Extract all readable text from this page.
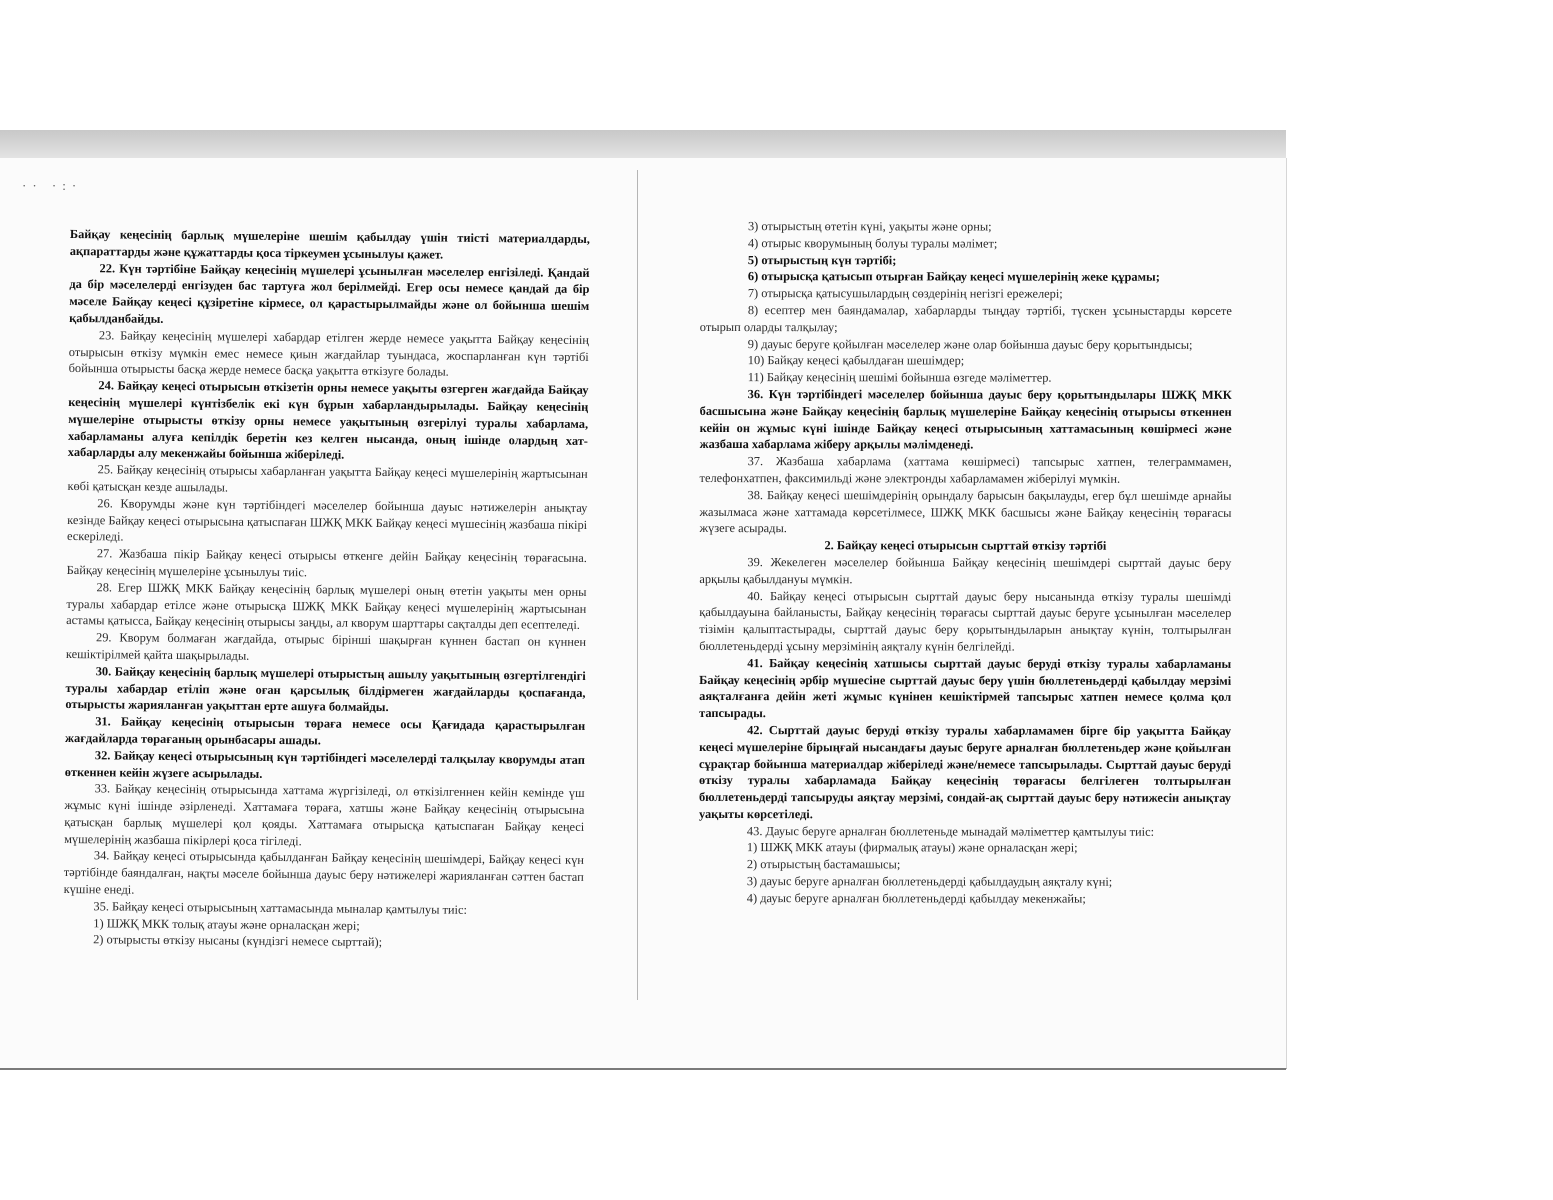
·· ·:·

Байқау кеңесінің барлық мүшелеріне шешім қабылдау үшін тиісті материалдарды, ақпараттарды және құжаттарды қоса тіркеумен ұсынылуы қажет.

22. Күн тәртібіне Байқау кеңесінің мүшелері ұсынылған мәселелер енгізіледі. Қандай да бір мәселелерді енгізуден бас тартуға жол берілмейді. Егер осы немесе қандай да бір мәселе Байқау кеңесі құзіретіне кірмесе, ол қарастырылмайды және ол бойынша шешім қабылданбайды.

23. Байқау кеңесінің мүшелері хабардар етілген жерде немесе уақытта Байқау кеңесінің отырысын өткізу мүмкін емес немесе қиын жағдайлар туындаса, жоспарланған күн тәртібі бойынша отырысты басқа жерде немесе басқа уақытта өткізуге болады.

24. Байқау кеңесі отырысын өткізетін орны немесе уақыты өзгерген жағдайда Байқау кеңесінің мүшелері күнтізбелік екі күн бұрын хабарландырылады. Байқау кеңесінің мүшелеріне отырысты өткізу орны немесе уақытының өзгерілуі туралы хабарлама, хабарламаны алуға кепілдік беретін кез келген нысанда, оның ішінде олардың хат-хабарларды алу мекенжайы бойынша жіберіледі.

25. Байқау кеңесінің отырысы хабарланған уақытта Байқау кеңесі мүшелерінің жартысынан көбі қатысқан кезде ашылады.

26. Кворумды және күн тәртібіндегі мәселелер бойынша дауыс нәтижелерін анықтау кезінде Байқау кеңесі отырысына қатыспаған ШЖҚ МКК Байқау кеңесі мүшесінің жазбаша пікірі ескеріледі.

27. Жазбаша пікір Байқау кеңесі отырысы өткенге дейін Байқау кеңесінің төрағасына. Байқау кеңесінің мүшелеріне ұсынылуы тиіс.

28. Егер ШЖҚ МКК Байқау кеңесінің барлық мүшелері оның өтетін уақыты мен орны туралы хабардар етілсе және отырысқа ШЖҚ МКК Байқау кеңесі мүшелерінің жартысынан астамы қатысса, Байқау кеңесінің отырысы заңды, ал кворум шарттары сақталды деп есептеледі.

29. Кворум болмаған жағдайда, отырыс бірінші шақырған күннен бастап он күннен кешіктірілмей қайта шақырылады.

30. Байқау кеңесінің барлық мүшелері отырыстың ашылу уақытының өзгертілгендігі туралы хабардар етіліп және оған қарсылық білдірмеген жағдайларды қоспағанда, отырысты жарияланған уақыттан ерте ашуға болмайды.

31. Байқау кеңесінің отырысын төраға немесе осы Қағидада қарастырылған жағдайларда төрағаның орынбасары ашады.

32. Байқау кеңесі отырысының күн тәртібіндегі мәселелерді талқылау кворумды атап өткеннен кейін жүзеге асырылады.

33. Байқау кеңесінің отырысында хаттама жүргізіледі, ол өткізілгеннен кейін кемінде үш жұмыс күні ішінде әзірленеді. Хаттамаға төраға, хатшы және Байқау кеңесінің отырысына қатысқан барлық мүшелері қол қояды. Хаттамаға отырысқа қатыспаған Байқау кеңесі мүшелерінің жазбаша пікірлері қоса тігіледі.

34. Байқау кеңесі отырысында қабылданған Байқау кеңесінің шешімдері, Байқау кеңесі күн тәртібінде баяндалған, нақты мәселе бойынша дауыс беру нәтижелері жарияланған сәттен бастап күшіне енеді.

35. Байқау кеңесі отырысының хаттамасында мыналар қамтылуы тиіс:

1) ШЖҚ МКК толық атауы және орналасқан жері;

2) отырысты өткізу нысаны (күндізгі немесе сырттай);

3) отырыстың өтетін күні, уақыты және орны;

4) отырыс кворумының болуы туралы мәлімет;

5) отырыстың күн тәртібі;

6) отырысқа қатысып отырған Байқау кеңесі мүшелерінің жеке құрамы;

7) отырысқа қатысушылардың сөздерінің негізгі ережелері;

8) есептер мен баяндамалар, хабарларды тыңдау тәртібі, түскен ұсыныстарды көрсете отырып оларды талқылау;

9) дауыс беруге қойылған мәселелер және олар бойынша дауыс беру қорытындысы;

10) Байқау кеңесі қабылдаған шешімдер;

11) Байқау кеңесінің шешімі бойынша өзгеде мәліметтер.

36. Күн тәртібіндегі мәселелер бойынша дауыс беру қорытындылары ШЖҚ МКК басшысына және Байқау кеңесінің барлық мүшелеріне Байқау кеңесінің отырысы өткеннен кейін он жұмыс күні ішінде Байқау кеңесі отырысының хаттамасының көшірмесі және жазбаша хабарлама жіберу арқылы мәлімденеді.

37. Жазбаша хабарлама (хаттама көшірмесі) тапсырыс хатпен, телеграммамен, телефонхатпен, факсимильді және электронды хабарламамен жіберілуі мүмкін.

38. Байқау кеңесі шешімдерінің орындалу барысын бақылауды, егер бұл шешімде арнайы жазылмаса және хаттамада көрсетілмесе, ШЖҚ МКК басшысы және Байқау кеңесінің төрағасы жүзеге асырады.

2. Байқау кеңесі отырысын сырттай өткізу тәртібі

39. Жекелеген мәселелер бойынша Байқау кеңесінің шешімдері сырттай дауыс беру арқылы қабылдануы мүмкін.

40. Байқау кеңесі отырысын сырттай дауыс беру нысанында өткізу туралы шешімді қабылдауына байланысты, Байқау кеңесінің төрағасы сырттай дауыс беруге ұсынылған мәселелер тізімін қалыптастырады, сырттай дауыс беру қорытындыларын анықтау күнін, толтырылған бюллетеньдерді ұсыну мерзімінің аяқталу күнін белгілейді.

41. Байқау кеңесінің хатшысы сырттай дауыс беруді өткізу туралы хабарламаны Байқау кеңесінің әрбір мүшесіне сырттай дауыс беру үшін бюллетеньдерді қабылдау мерзімі аяқталғанға дейін жеті жұмыс күнінен кешіктірмей тапсырыс хатпен немесе қолма қол тапсырады.

42. Сырттай дауыс беруді өткізу туралы хабарламамен бірге бір уақытта Байқау кеңесі мүшелеріне бірыңғай нысандағы дауыс беруге арналған бюллетеньдер және қойылған сұрақтар бойынша материалдар жіберіледі және/немесе тапсырылады. Сырттай дауыс беруді өткізу туралы хабарламада Байқау кеңесінің төрағасы белгілеген толтырылған бюллетеньдерді тапсыруды аяқтау мерзімі, сондай-ақ сырттай дауыс беру нәтижесін анықтау уақыты көрсетіледі.

43. Дауыс беруге арналған бюллетеньде мынадай мәліметтер қамтылуы тиіс:

1) ШЖҚ МКК атауы (фирмалық атауы) және орналасқан жері;

2) отырыстың бастамашысы;

3) дауыс беруге арналған бюллетеньдерді қабылдаудың аяқталу күні;

4) дауыс беруге арналған бюллетеньдерді қабылдау мекенжайы;
